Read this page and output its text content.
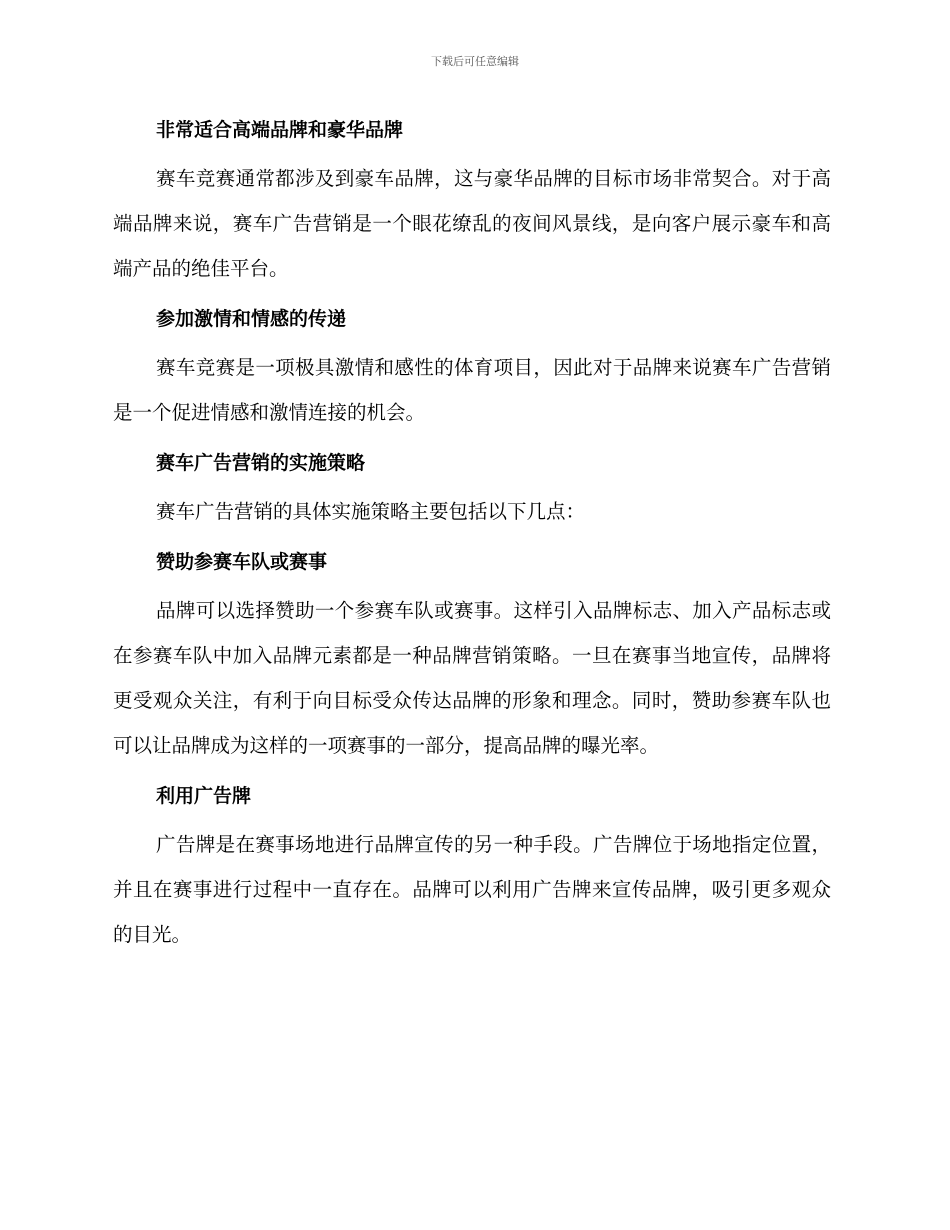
下载后可任意编辑
非常适合高端品牌和豪华品牌

赛车竞赛通常都涉及到豪车品牌，这与豪华品牌的目标市场非常契合。对于高端品牌来说，赛车广告营销是一个眼花缭乱的夜间风景线，是向客户展示豪车和高端产品的绝佳平台。

参加激情和情感的传递

赛车竞赛是一项极具激情和感性的体育项目，因此对于品牌来说赛车广告营销是一个促进情感和激情连接的机会。

赛车广告营销的实施策略

赛车广告营销的具体实施策略主要包括以下几点：

赞助参赛车队或赛事

品牌可以选择赞助一个参赛车队或赛事。这样引入品牌标志、加入产品标志或在参赛车队中加入品牌元素都是一种品牌营销策略。一旦在赛事当地宣传，品牌将更受观众关注，有利于向目标受众传达品牌的形象和理念。同时，赞助参赛车队也可以让品牌成为这样的一项赛事的一部分，提高品牌的曝光率。

利用广告牌

广告牌是在赛事场地进行品牌宣传的另一种手段。广告牌位于场地指定位置，并且在赛事进行过程中一直存在。品牌可以利用广告牌来宣传品牌，吸引更多观众的目光。
